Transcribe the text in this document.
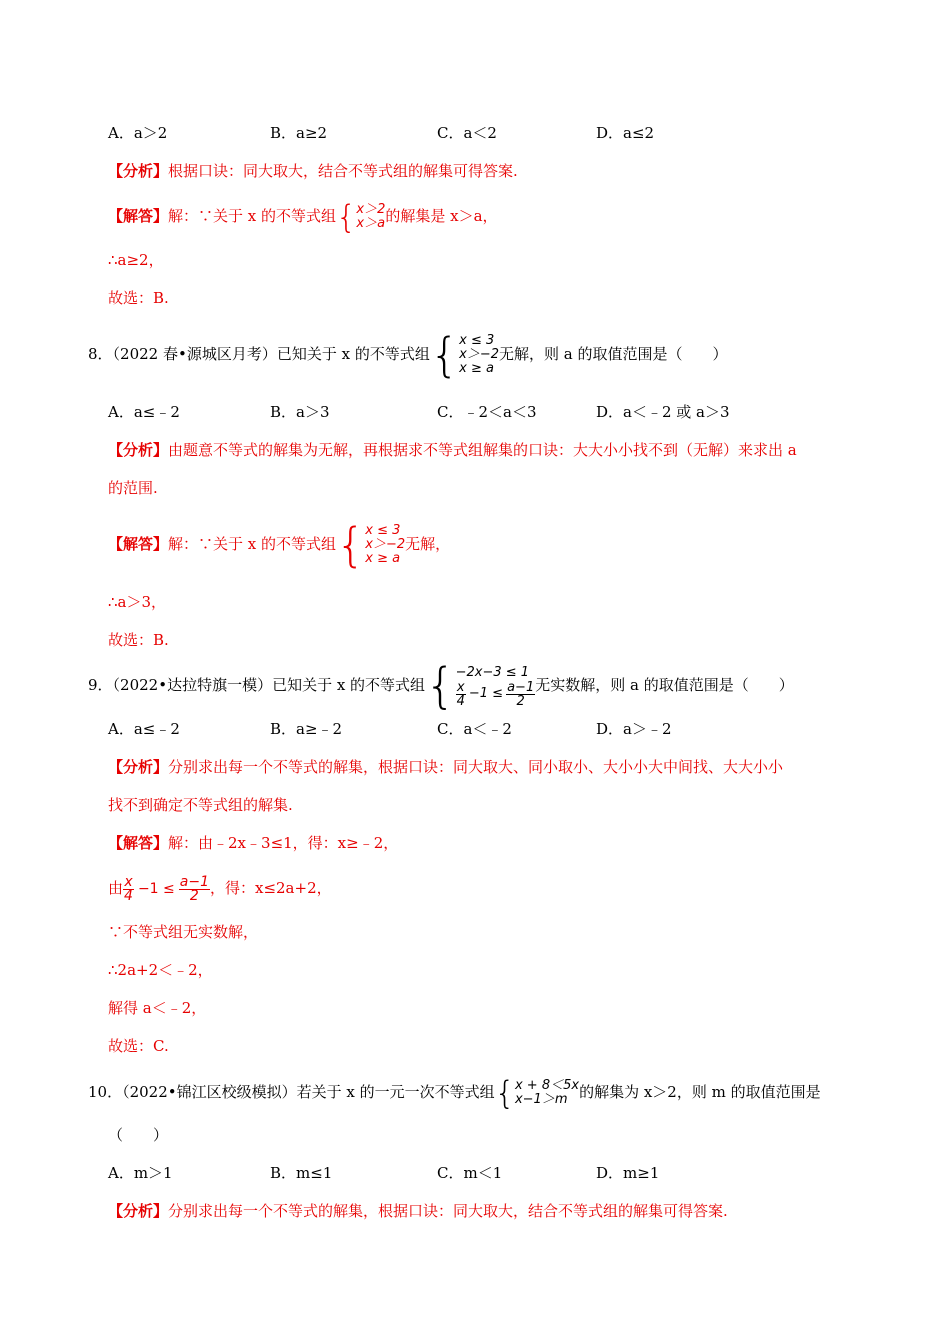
A．a＞2	B．a≥2	C．a＜2	D．a≤2
【分析】根据口诀：同大取大，结合不等式组的解集可得答案.
【解答】解：∵关于 x 的不等式组 { x＞2
x＞a 的解集是 x＞a，
∴a≥2，
故选：B.
8．（2022 春•源城区月考）已知关于 x 的不等式组 { x ≤ 3
x＞−2
x ≥ a
无解，则 a 的取值范围是（　　）
A．a≤﹣2	B．a＞3	C．﹣2＜a＜3	D．a＜﹣2 或 a＞3
【分析】由题意不等式的解集为无解，再根据求不等式组解集的口诀：大大小小找不到（无解）来求出 a
的范围.
【解答】解：∵关于 x 的不等式组 { x ≤ 3
x＞−2
x ≥ a
无解，
∴a＞3，
故选：B.
9．（2022•达拉特旗一模）已知关于 x 的不等式组 { −2x−3 ≤ 1
$\frac{x}{4} -1 \le \frac{a-1}{2}$ 无实数解，则 a 的取值范围是（　　）
A．a≤﹣2	B．a≥﹣2	C．a＜﹣2	D．a＞﹣2
【分析】分别求出每一个不等式的解集，根据口诀：同大取大、同小取小、大小小大中间找、大大小小
找不到确定不等式组的解集.
【解答】解：由﹣2x﹣3≤1，得：x≥﹣2，
由 $\frac{x}{4} -1 \le \frac{a-1}{2}$ ，得：x≤2a+2，
∵不等式组无实数解，
∴2a+2＜﹣2，
解得 a＜﹣2，
故选：C.
10．（2022•锦江区校级模拟）若关于 x 的一元一次不等式组 { x + 8＜5x
x−1＞m 的解集为 x＞2，则 m 的取值范围是
（　　）
A．m＞1	B．m≤1	C．m＜1	D．m≥1
【分析】分别求出每一个不等式的解集，根据口诀：同大取大，结合不等式组的解集可得答案.
